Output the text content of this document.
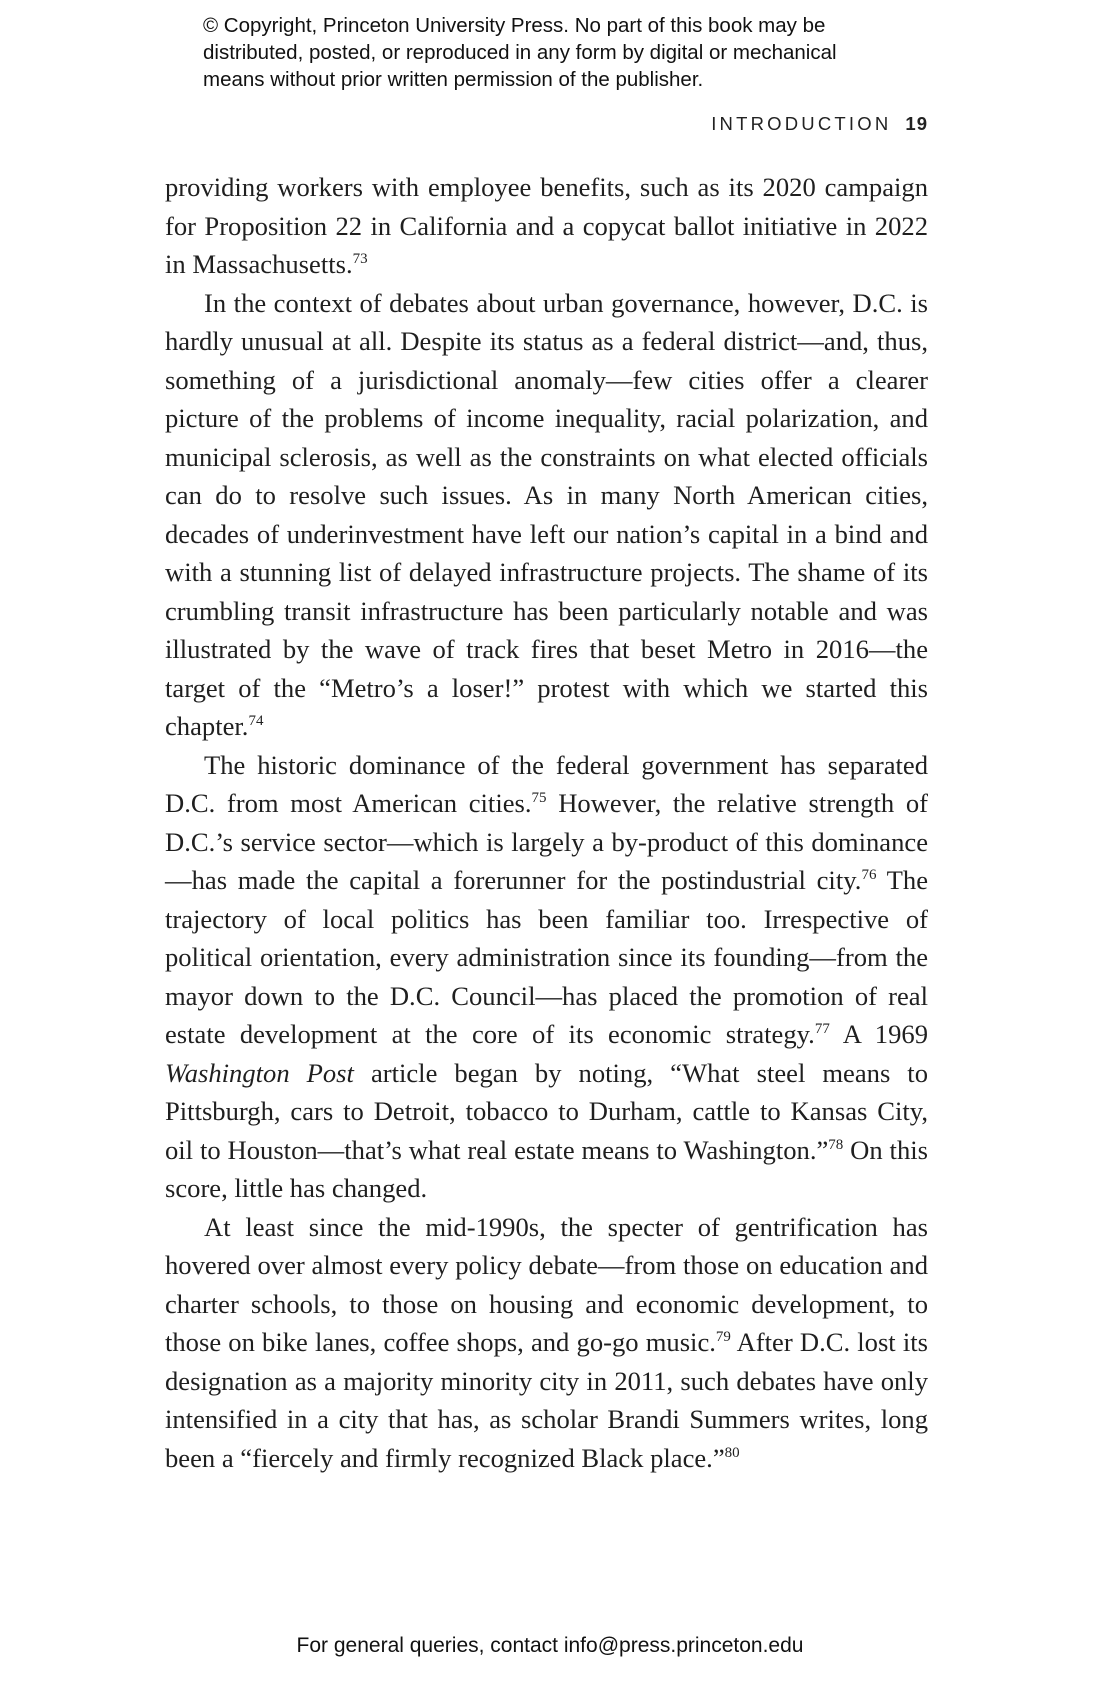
© Copyright, Princeton University Press. No part of this book may be
distributed, posted, or reproduced in any form by digital or mechanical
means without prior written permission of the publisher.
INTRODUCTION 19

providing workers with employee benefits, such as its 2020 campaign for Proposition 22 in California and a copycat ballot initiative in 2022 in Massachusetts.$^{73}$

In the context of debates about urban governance, however, D.C. is hardly unusual at all. Despite its status as a federal district—and, thus, something of a jurisdictional anomaly—few cities offer a clearer picture of the problems of income inequality, racial polarization, and municipal sclerosis, as well as the constraints on what elected officials can do to resolve such issues. As in many North American cities, decades of underinvestment have left our nation’s capital in a bind and with a stunning list of delayed infrastructure projects. The shame of its crumbling transit infrastructure has been particularly notable and was illustrated by the wave of track fires that beset Metro in 2016—the target of the “Metro’s a loser!” protest with which we started this chapter.$^{74}$

The historic dominance of the federal government has separated D.C. from most American cities.$^{75}$ However, the relative strength of D.C.’s service sector—which is largely a by-product of this dominance—has made the capital a forerunner for the postindustrial city.$^{76}$ The trajectory of local politics has been familiar too. Irrespective of political orientation, every administration since its founding—from the mayor down to the D.C. Council—has placed the promotion of real estate development at the core of its economic strategy.$^{77}$ A 1969 Washington Post article began by noting, “What steel means to Pittsburgh, cars to Detroit, tobacco to Durham, cattle to Kansas City, oil to Houston—that’s what real estate means to Washington.”$^{78}$ On this score, little has changed.

At least since the mid-1990s, the specter of gentrification has hovered over almost every policy debate—from those on education and charter schools, to those on housing and economic development, to those on bike lanes, coffee shops, and go-go music.$^{79}$ After D.C. lost its designation as a majority minority city in 2011, such debates have only intensified in a city that has, as scholar Brandi Summers writes, long been a “fiercely and firmly recognized Black place.”$^{80}$

For general queries, contact info@press.princeton.edu
